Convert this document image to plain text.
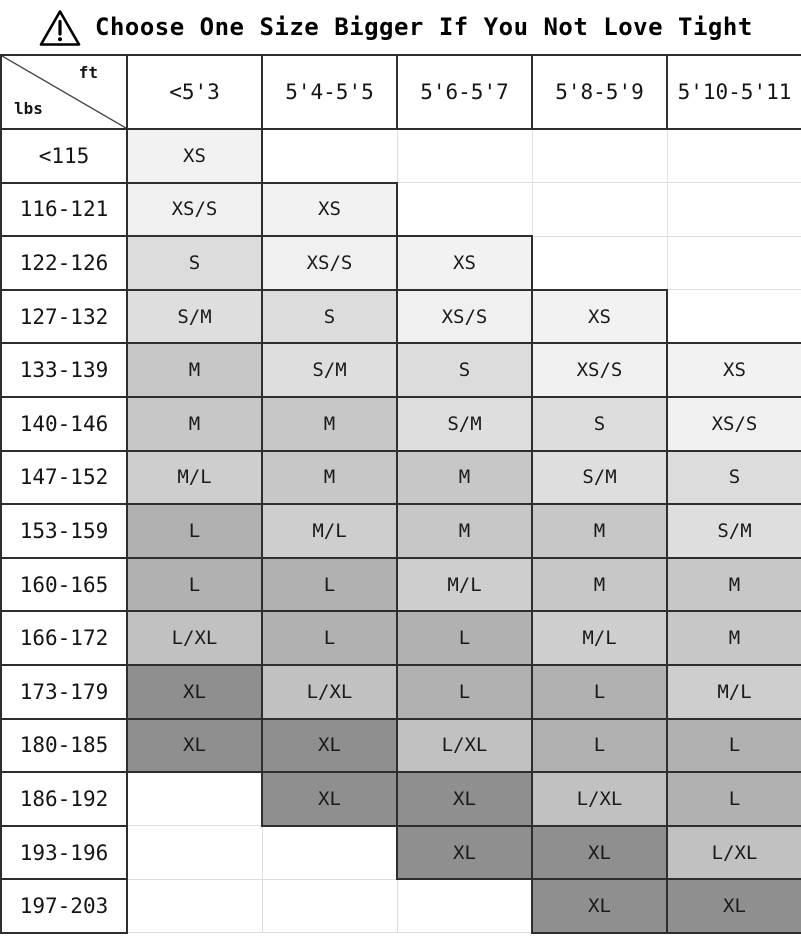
Choose One Size Bigger If You Not Love Tight
ft
lbs	<5'3	5'4-5'5	5'6-5'7	5'8-5'9	5'10-5'11
<115	XS				
116-121	XS/S	XS			
122-126	S	XS/S	XS		
127-132	S/M	S	XS/S	XS	
133-139	M	S/M	S	XS/S	XS
140-146	M	M	S/M	S	XS/S
147-152	M/L	M	M	S/M	S
153-159	L	M/L	M	M	S/M
160-165	L	L	M/L	M	M
166-172	L/XL	L	L	M/L	M
173-179	XL	L/XL	L	L	M/L
180-185	XL	XL	L/XL	L	L
186-192		XL	XL	L/XL	L
193-196			XL	XL	L/XL
197-203				XL	XL
